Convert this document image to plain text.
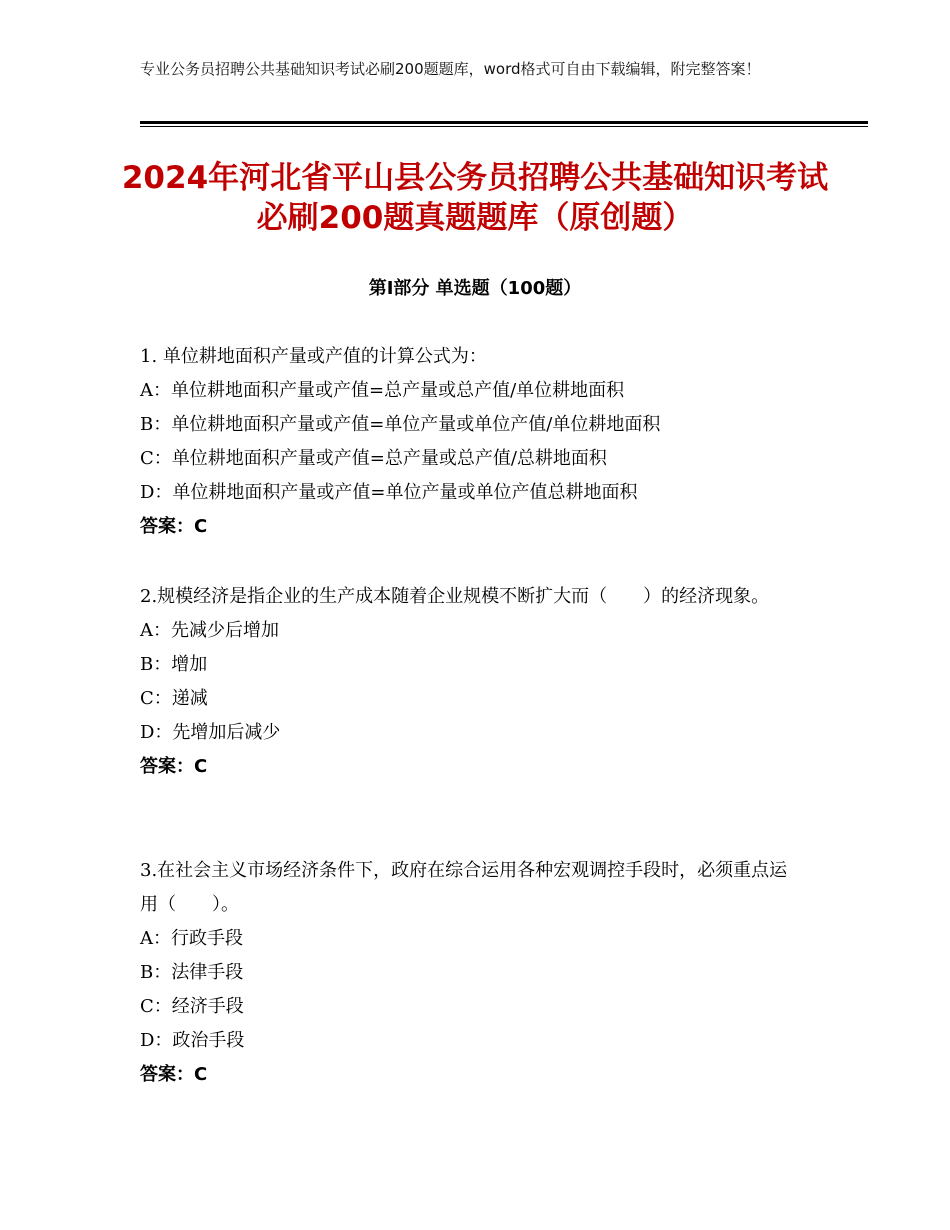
专业公务员招聘公共基础知识考试必刷200题题库，word格式可自由下载编辑，附完整答案！
2024年河北省平山县公务员招聘公共基础知识考试必刷200题真题题库（原创题）
第Ⅰ部分 单选题（100题）

1. 单位耕地面积产量或产值的计算公式为：

A：单位耕地面积产量或产值=总产量或总产值/单位耕地面积

B：单位耕地面积产量或产值=单位产量或单位产值/单位耕地面积

C：单位耕地面积产量或产值=总产量或总产值/总耕地面积

D：单位耕地面积产量或产值=单位产量或单位产值总耕地面积

答案：C

2.规模经济是指企业的生产成本随着企业规模不断扩大而（　　）的经济现象。

A：先减少后增加

B：增加

C：递减

D：先增加后减少

答案：C

3.在社会主义市场经济条件下，政府在综合运用各种宏观调控手段时，必须重点运用（　　）。

A：行政手段

B：法律手段

C：经济手段

D：政治手段

答案：C
